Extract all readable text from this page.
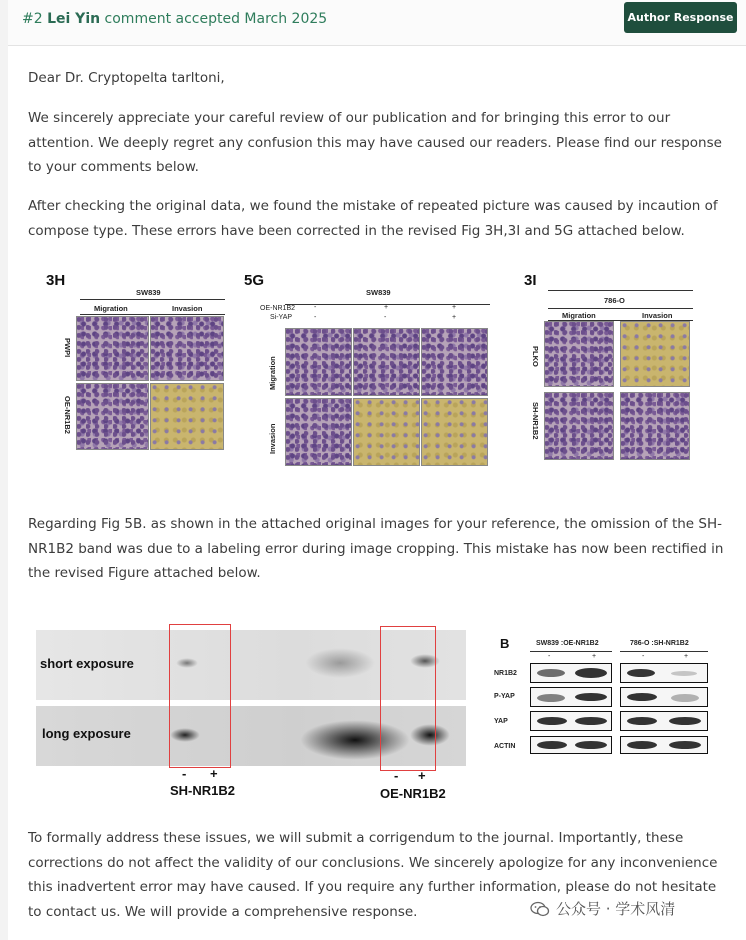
#2 Lei Yin comment accepted March 2025	Author Response
Dear Dr. Cryptopelta tarltoni,
We sincerely appreciate your careful review of our publication and for bringing this error to our attention. We deeply regret any confusion this may have caused our readers. Please find our response to your comments below.
After checking the original data, we found the mistake of repeated picture was caused by incaution of compose type. These errors have been corrected in the revised Fig 3H,3I and 5G attached below.
3H
SW839
Migration	Invasion
PWPI
OE-NR1B2
5G
SW839
OE-NR1B2
Si-YAP
-	+	+
-	-	+
Migration
Invasion
3I
786-O
Migration	Invasion
PLKO
SH-NR1B2
Regarding Fig 5B. as shown in the attached original images for your reference, the omission of the SH-NR1B2 band was due to a labeling error during image cropping. This mistake has now been rectified in the revised Figure attached below.
short exposure
long exposure
- +
SH-NR1B2
- +
OE-NR1B2
B	SW839 :OE-NR1B2	786-O :SH-NR1B2
-	+	-	+
NR1B2
P-YAP
YAP
ACTIN
To formally address these issues, we will submit a corrigendum to the journal. Importantly, these corrections do not affect the validity of our conclusions. We sincerely apologize for any inconvenience this inadvertent error may have caused. If you require any further information, please do not hesitate to contact us. We will provide a comprehensive response.	公众号 · 学术风清
